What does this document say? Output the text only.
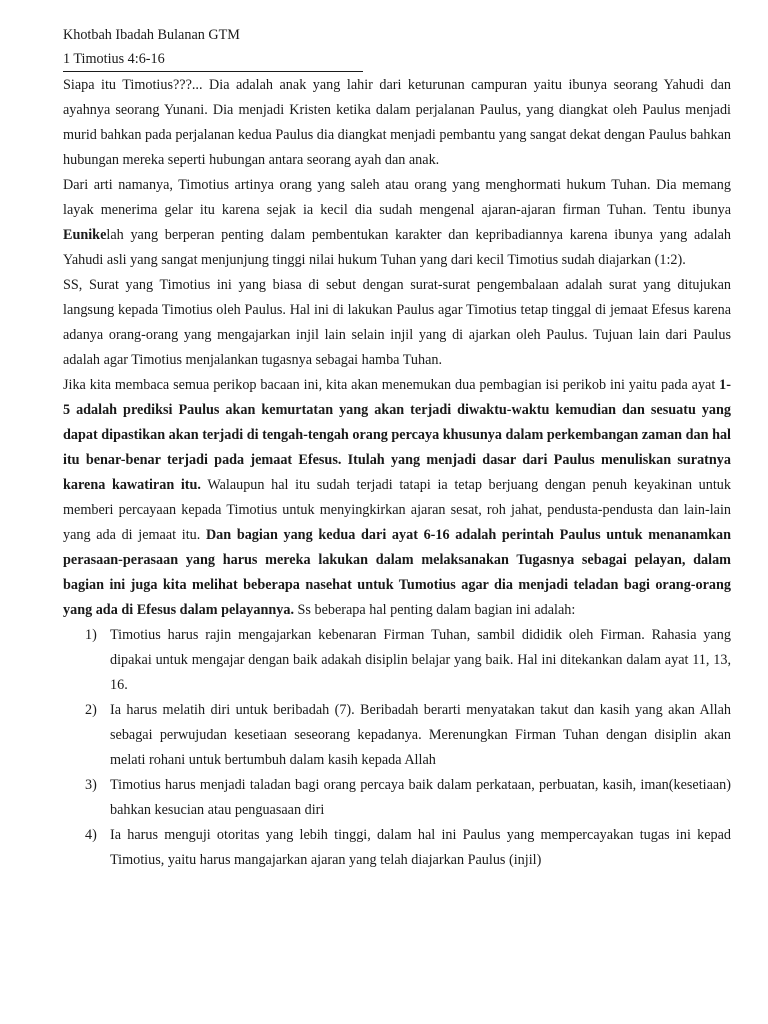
Khotbah Ibadah Bulanan GTM

1 Timotius 4:6-16

Siapa itu Timotius???... Dia adalah anak yang lahir dari keturunan campuran yaitu ibunya seorang Yahudi dan ayahnya seorang Yunani. Dia menjadi Kristen ketika dalam perjalanan Paulus, yang diangkat oleh Paulus menjadi murid bahkan pada perjalanan kedua Paulus dia diangkat menjadi pembantu yang sangat dekat dengan Paulus bahkan hubungan mereka seperti hubungan antara seorang ayah dan anak.

Dari arti namanya, Timotius artinya orang yang saleh atau orang yang menghormati hukum Tuhan. Dia memang layak menerima gelar itu karena sejak ia kecil dia sudah mengenal ajaran-ajaran firman Tuhan. Tentu ibunya Eunikelah yang berperan penting dalam pembentukan karakter dan kepribadiannya karena ibunya yang adalah Yahudi asli yang sangat menjunjung tinggi nilai hukum Tuhan yang dari kecil Timotius sudah diajarkan (1:2).

SS, Surat yang Timotius ini yang biasa di sebut dengan surat-surat pengembalaan adalah surat yang ditujukan langsung kepada Timotius oleh Paulus. Hal ini di lakukan Paulus agar Timotius tetap tinggal di jemaat Efesus karena adanya orang-orang yang mengajarkan injil lain selain injil yang di ajarkan oleh Paulus. Tujuan lain dari Paulus adalah agar Timotius menjalankan tugasnya sebagai hamba Tuhan.

Jika kita membaca semua perikop bacaan ini, kita akan menemukan dua pembagian isi perikob ini yaitu pada ayat 1-5 adalah prediksi Paulus akan kemurtatan yang akan terjadi diwaktu-waktu kemudian dan sesuatu yang dapat dipastikan akan terjadi di tengah-tengah orang percaya khusunya dalam perkembangan zaman dan hal itu benar-benar terjadi pada jemaat Efesus. Itulah yang menjadi dasar dari Paulus menuliskan suratnya karena kawatiran itu. Walaupun hal itu sudah terjadi tatapi ia tetap berjuang dengan penuh keyakinan untuk memberi percayaan kepada Timotius untuk menyingkirkan ajaran sesat, roh jahat, pendusta-pendusta dan lain-lain yang ada di jemaat itu. Dan bagian yang kedua dari ayat 6-16 adalah perintah Paulus untuk menanamkan perasaan-perasaan yang harus mereka lakukan dalam melaksanakan Tugasnya sebagai pelayan, dalam bagian ini juga kita melihat beberapa nasehat untuk Tumotius agar dia menjadi teladan bagi orang-orang yang ada di Efesus dalam pelayannya. Ss beberapa hal penting dalam bagian ini adalah:

1) Timotius harus rajin mengajarkan kebenaran Firman Tuhan, sambil dididik oleh Firman. Rahasia yang dipakai untuk mengajar dengan baik adakah disiplin belajar yang baik. Hal ini ditekankan dalam ayat 11, 13, 16.
2) Ia harus melatih diri untuk beribadah (7). Beribadah berarti menyatakan takut dan kasih yang akan Allah sebagai perwujudan kesetiaan seseorang kepadanya. Merenungkan Firman Tuhan dengan disiplin akan melati rohani untuk bertumbuh dalam kasih kepada Allah
3) Timotius harus menjadi taladan bagi orang percaya baik dalam perkataan, perbuatan, kasih, iman(kesetiaan) bahkan kesucian atau penguasaan diri
4) Ia harus menguji otoritas yang lebih tinggi, dalam hal ini Paulus yang mempercayakan tugas ini kepad Timotius, yaitu harus mangajarkan ajaran yang telah diajarkan Paulus (injil)
